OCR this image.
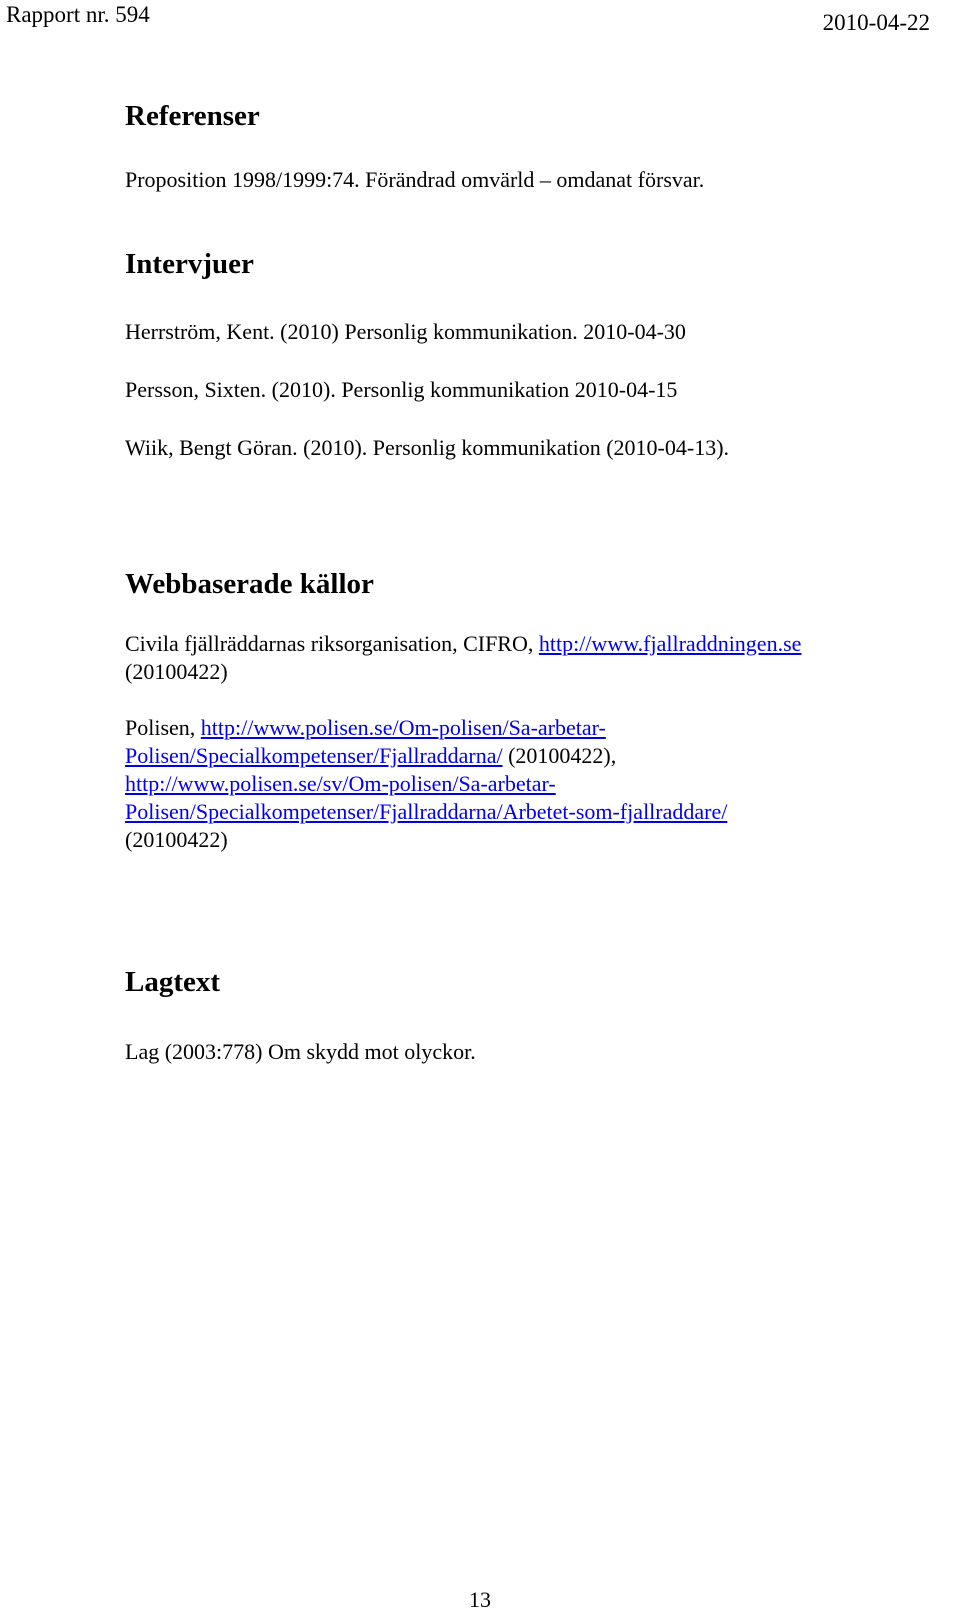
Rapport nr. 594	2010-04-22
Referenser
Proposition 1998/1999:74. Förändrad omvärld – omdanat försvar.
Intervjuer
Herrström, Kent. (2010) Personlig kommunikation. 2010-04-30
Persson, Sixten. (2010). Personlig kommunikation 2010-04-15
Wiik, Bengt Göran. (2010). Personlig kommunikation (2010-04-13).
Webbaserade källor
Civila fjällräddarnas riksorganisation, CIFRO, http://www.fjallraddningen.se
(20100422)
Polisen, http://www.polisen.se/Om-polisen/Sa-arbetar-
Polisen/Specialkompetenser/Fjallraddarna/ (20100422),
http://www.polisen.se/sv/Om-polisen/Sa-arbetar-
Polisen/Specialkompetenser/Fjallraddarna/Arbetet-som-fjallraddare/
(20100422)
Lagtext
Lag (2003:778) Om skydd mot olyckor.
13
